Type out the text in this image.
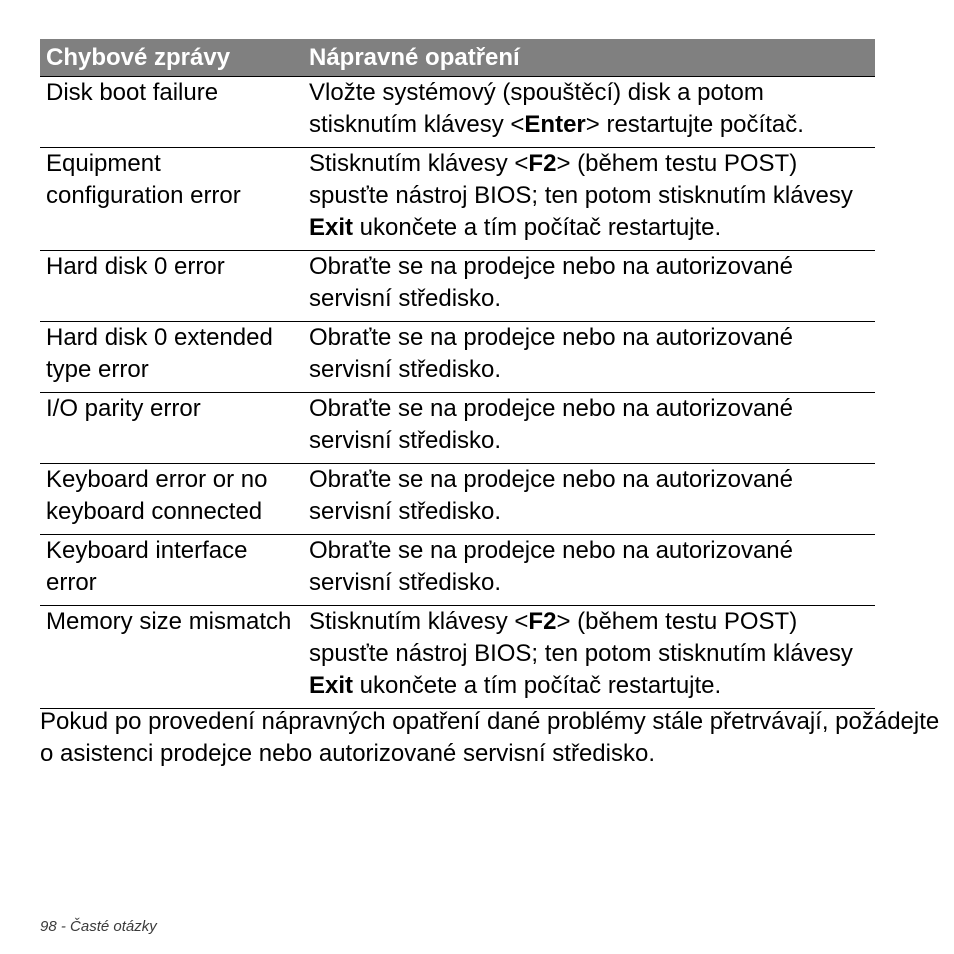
Chybové zprávy	Nápravné opatření
Disk boot failure	Vložte systémový (spouštěcí) disk a potom stisknutím klávesy <Enter> restartujte počítač.
Equipment configuration error	Stisknutím klávesy <F2> (během testu POST) spusťte nástroj BIOS; ten potom stisknutím klávesy Exit ukončete a tím počítač restartujte.
Hard disk 0 error	Obraťte se na prodejce nebo na autorizované servisní středisko.
Hard disk 0 extended type error	Obraťte se na prodejce nebo na autorizované servisní středisko.
I/O parity error	Obraťte se na prodejce nebo na autorizované servisní středisko.
Keyboard error or no keyboard connected	Obraťte se na prodejce nebo na autorizované servisní středisko.
Keyboard interface error	Obraťte se na prodejce nebo na autorizované servisní středisko.
Memory size mismatch	Stisknutím klávesy <F2> (během testu POST) spusťte nástroj BIOS; ten potom stisknutím klávesy Exit ukončete a tím počítač restartujte.

Pokud po provedení nápravných opatření dané problémy stále přetrvávají, požádejte o asistenci prodejce nebo autorizované servisní středisko.

98 - Časté otázky
